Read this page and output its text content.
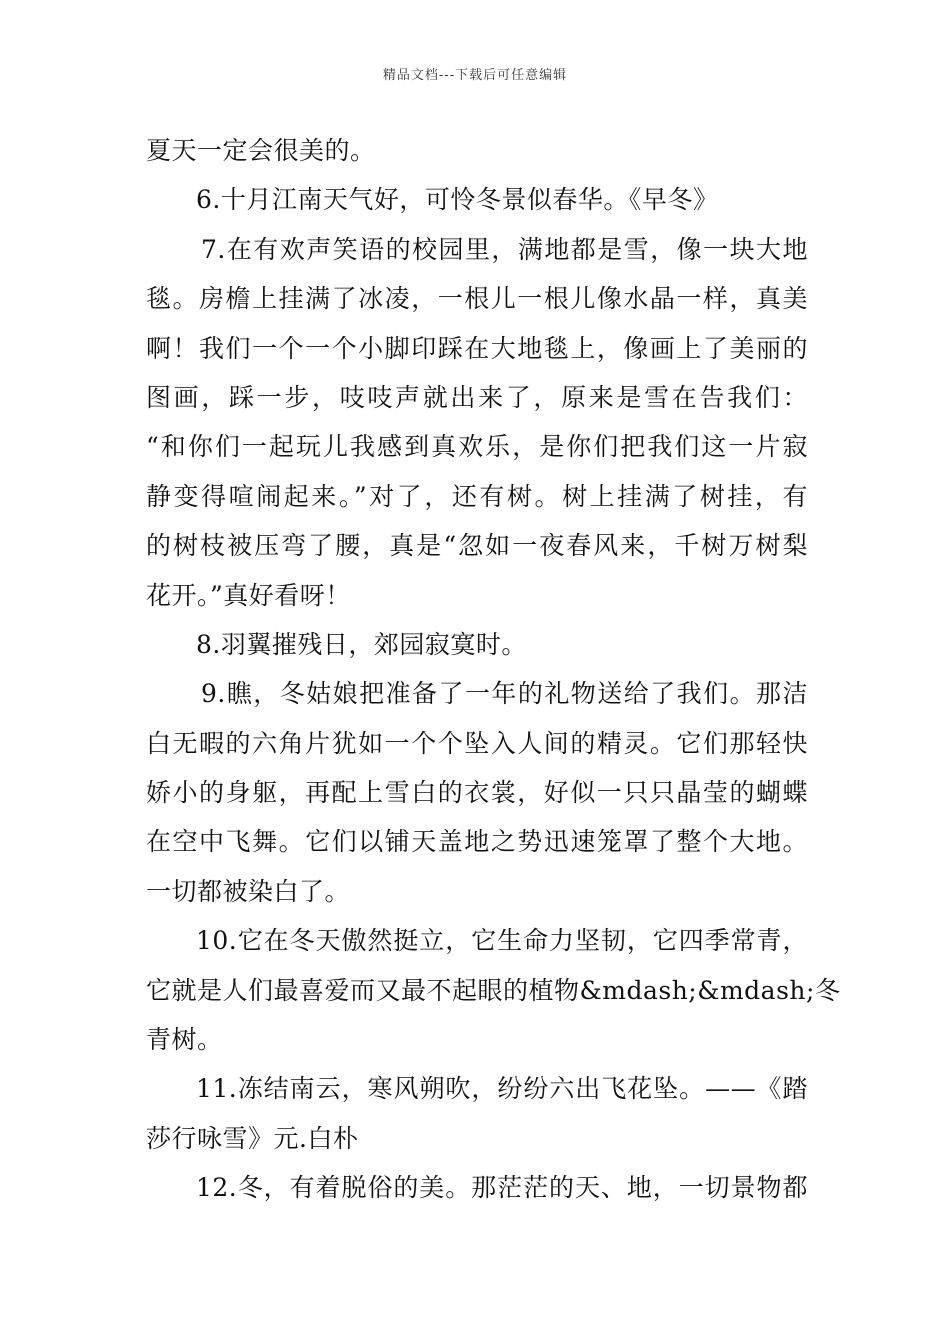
精品文档---下载后可任意编辑
夏天一定会很美的。
6.十月江南天气好，可怜冬景似春华。《早冬》
7.在有欢声笑语的校园里，满地都是雪，像一块大地
毯。房檐上挂满了冰凌，一根儿一根儿像水晶一样，真美
啊！我们一个一个小脚印踩在大地毯上，像画上了美丽的
图画，踩一步，吱吱声就出来了，原来是雪在告我们：
“和你们一起玩儿我感到真欢乐，是你们把我们这一片寂
静变得喧闹起来。”对了，还有树。树上挂满了树挂，有
的树枝被压弯了腰，真是“忽如一夜春风来，千树万树梨
花开。”真好看呀！
8.羽翼摧残日，郊园寂寞时。
9.瞧，冬姑娘把准备了一年的礼物送给了我们。那洁
白无暇的六角片犹如一个个坠入人间的精灵。它们那轻快
娇小的身躯，再配上雪白的衣裳，好似一只只晶莹的蝴蝶
在空中飞舞。它们以铺天盖地之势迅速笼罩了整个大地。
一切都被染白了。
10.它在冬天傲然挺立，它生命力坚韧，它四季常青，
它就是人们最喜爱而又最不起眼的植物&mdash;&mdash;冬
青树。
11.冻结南云，寒风朔吹，纷纷六出飞花坠。——《踏
莎行咏雪》元.白朴
12.冬，有着脱俗的美。那茫茫的天、地，一切景物都
